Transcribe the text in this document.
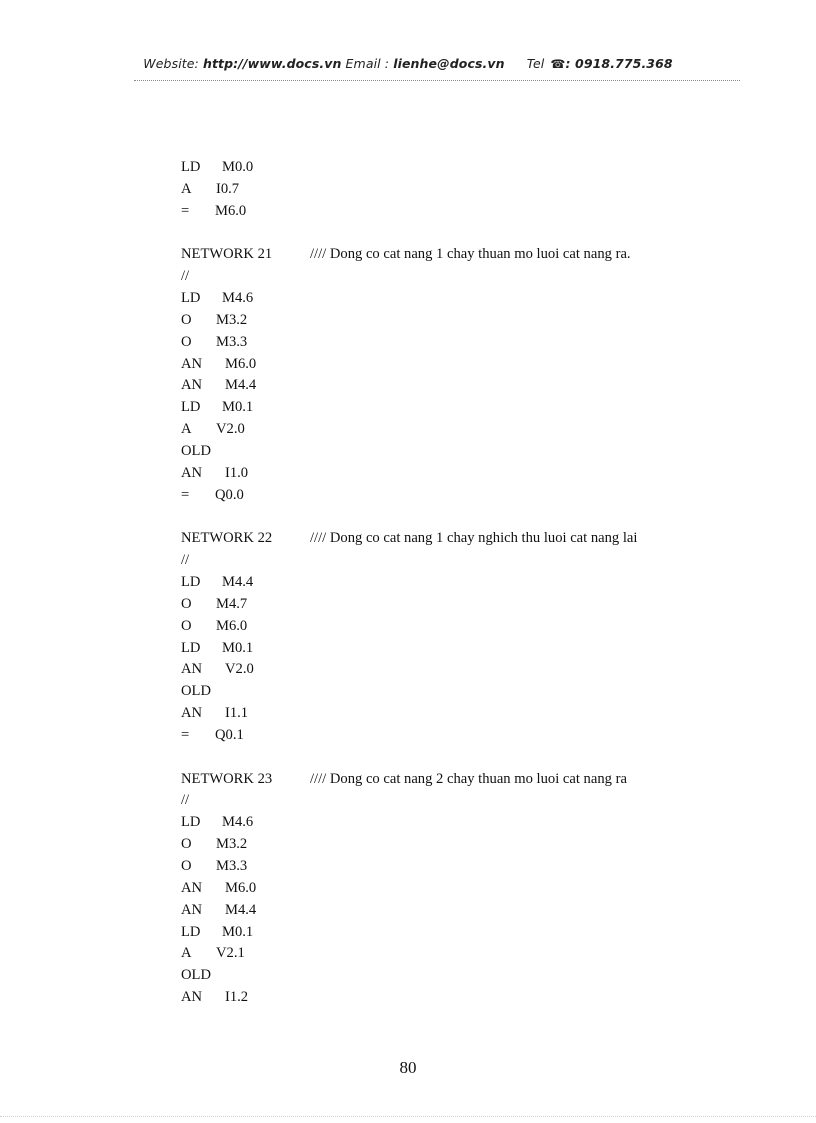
Website: http://www.docs.vn Email : lienhe@docs.vn Tel ☎: 0918.775.368
LD M0.0
A I0.7
= M6.0
NETWORK 21	//// Dong co cat nang 1 chay thuan mo luoi cat nang ra.
//
LD M4.6
O M3.2
O M3.3
AN M6.0
AN M4.4
LD M0.1
A V2.0
OLD
AN I1.0
= Q0.0
NETWORK 22	//// Dong co cat nang 1 chay nghich thu luoi cat nang lai
//
LD M4.4
O M4.7
O M6.0
LD M0.1
AN V2.0
OLD
AN I1.1
= Q0.1
NETWORK 23	//// Dong co cat nang 2 chay thuan mo luoi cat nang ra
//
LD M4.6
O M3.2
O M3.3
AN M6.0
AN M4.4
LD M0.1
A V2.1
OLD
AN I1.2
80
